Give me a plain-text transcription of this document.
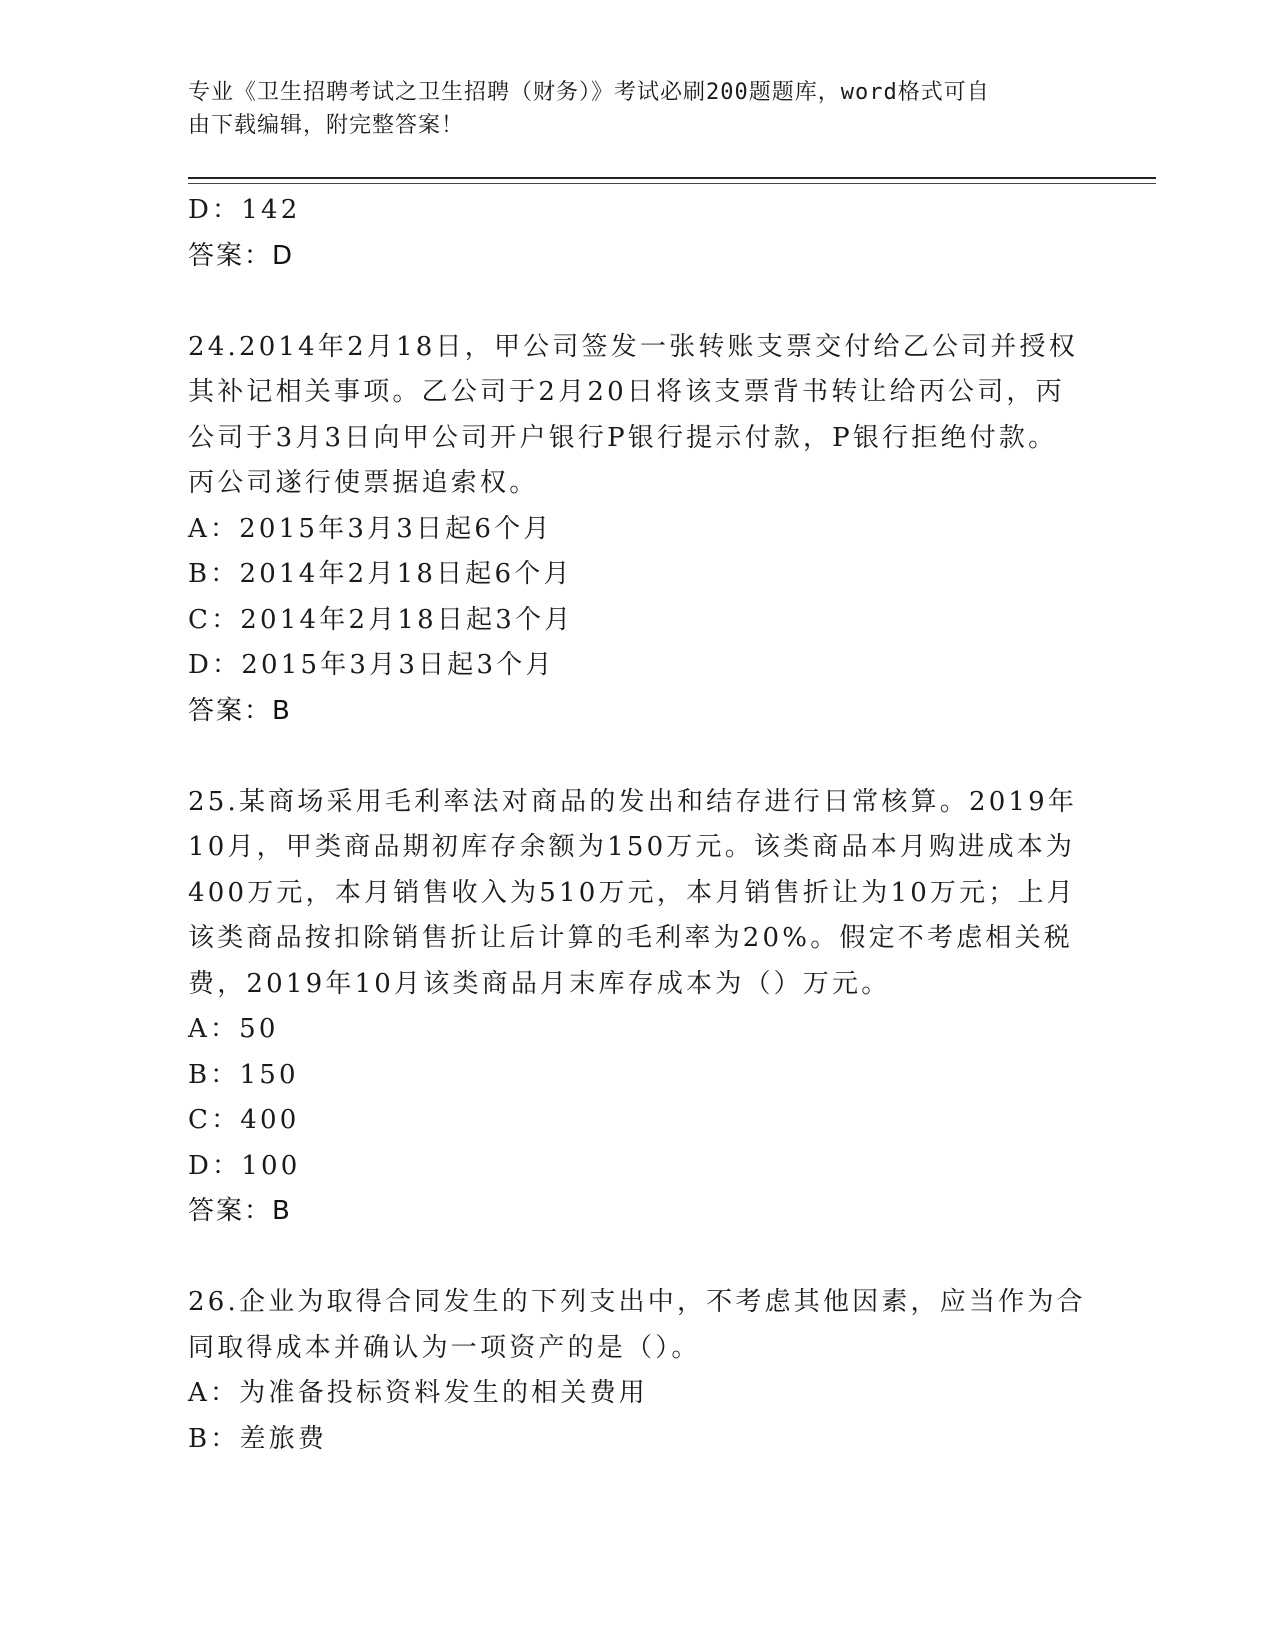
专业《卫生招聘考试之卫生招聘（财务）》考试必刷200题题库，word格式可自
由下载编辑，附完整答案！
D：142
答案：D
24.2014年2月18日，甲公司签发一张转账支票交付给乙公司并授权
其补记相关事项。乙公司于2月20日将该支票背书转让给丙公司，丙
公司于3月3日向甲公司开户银行P银行提示付款，P银行拒绝付款。
丙公司遂行使票据追索权。
A：2015年3月3日起6个月
B：2014年2月18日起6个月
C：2014年2月18日起3个月
D：2015年3月3日起3个月
答案：B
25.某商场采用毛利率法对商品的发出和结存进行日常核算。2019年
10月，甲类商品期初库存余额为150万元。该类商品本月购进成本为
400万元，本月销售收入为510万元，本月销售折让为10万元；上月
该类商品按扣除销售折让后计算的毛利率为20%。假定不考虑相关税
费，2019年10月该类商品月末库存成本为（）万元。
A：50
B：150
C：400
D：100
答案：B
26.企业为取得合同发生的下列支出中，不考虑其他因素，应当作为合
同取得成本并确认为一项资产的是（）。
A：为准备投标资料发生的相关费用
B：差旅费
